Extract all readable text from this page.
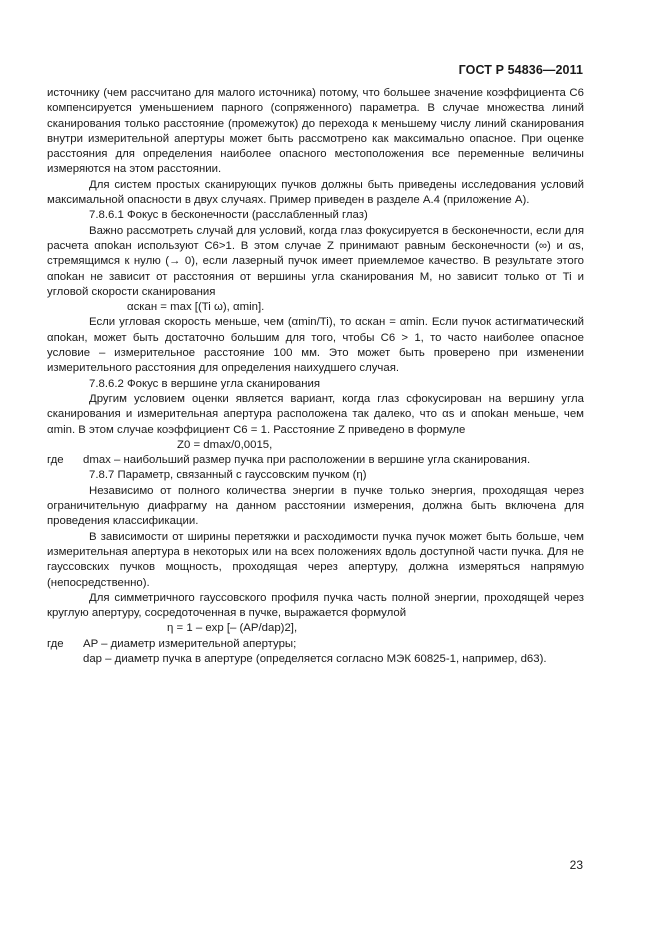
ГОСТ Р 54836—2011

источнику (чем рассчитано для малого источника) потому, что большее значение коэффициента C6 компенсируется уменьшением парного (сопряженного) параметра. В случае множества линий сканирования только расстояние (промежуток) до перехода к меньшему числу линий сканирования внутри измерительной апертуры может быть рассмотрено как максимально опасное. При оценке расстояния для определения наиболее опасного местоположения все переменные величины измеряются на этом расстоянии.

Для систем простых сканирующих пучков должны быть приведены исследования условий максимальной опасности в двух случаях. Пример приведен в разделе А.4 (приложение А).

7.8.6.1 Фокус в бесконечности (расслабленный глаз)

Важно рассмотреть случай для условий, когда глаз фокусируется в бесконечности, если для расчета αпоkан используют C6>1. В этом случае Z принимают равным бесконечности (∞) и αs, стремящимся к нулю (→ 0), если лазерный пучок имеет приемлемое качество. В результате этого αпоkан не зависит от расстояния от вершины угла сканирования M, но зависит только от Ti и угловой скорости сканирования

αскан = max [(Ti ω), αmin].

Если угловая скорость меньше, чем (αmin/Ti), то αскан = αmin. Если пучок астигматический αпоkан, может быть достаточно большим для того, чтобы C6 > 1, то часто наиболее опасное условие – измерительное расстояние 100 мм. Это может быть проверено при изменении измерительного расстояния для определения наихудшего случая.

7.8.6.2 Фокус в вершине угла сканирования

Другим условием оценки является вариант, когда глаз сфокусирован на вершину угла сканирования и измерительная апертура расположена так далеко, что αs и αпоkан меньше, чем αmin. В этом случае коэффициент C6 = 1. Расстояние Z приведено в формуле

Z0 = dmax/0,0015,

где	dmax – наибольший размер пучка при расположении в вершине угла сканирования.

7.8.7 Параметр, связанный с гауссовским пучком (η)

Независимо от полного количества энергии в пучке только энергия, проходящая через ограничительную диафрагму на данном расстоянии измерения, должна быть включена для проведения классификации.

В зависимости от ширины перетяжки и расходимости пучка пучок может быть больше, чем измерительная апертура в некоторых или на всех положениях вдоль доступной части пучка. Для не гауссовских пучков мощность, проходящая через апертуру, должна измеряться напрямую (непосредственно).

Для симметричного гауссовского профиля пучка часть полной энергии, проходящей через круглую апертуру, сосредоточенная в пучке, выражается формулой

η = 1 – exp [– (AP/dap)2],

где	AP – диаметр измерительной апертуры;

dap – диаметр пучка в апертуре (определяется согласно МЭК 60825-1, например, d63).

23
